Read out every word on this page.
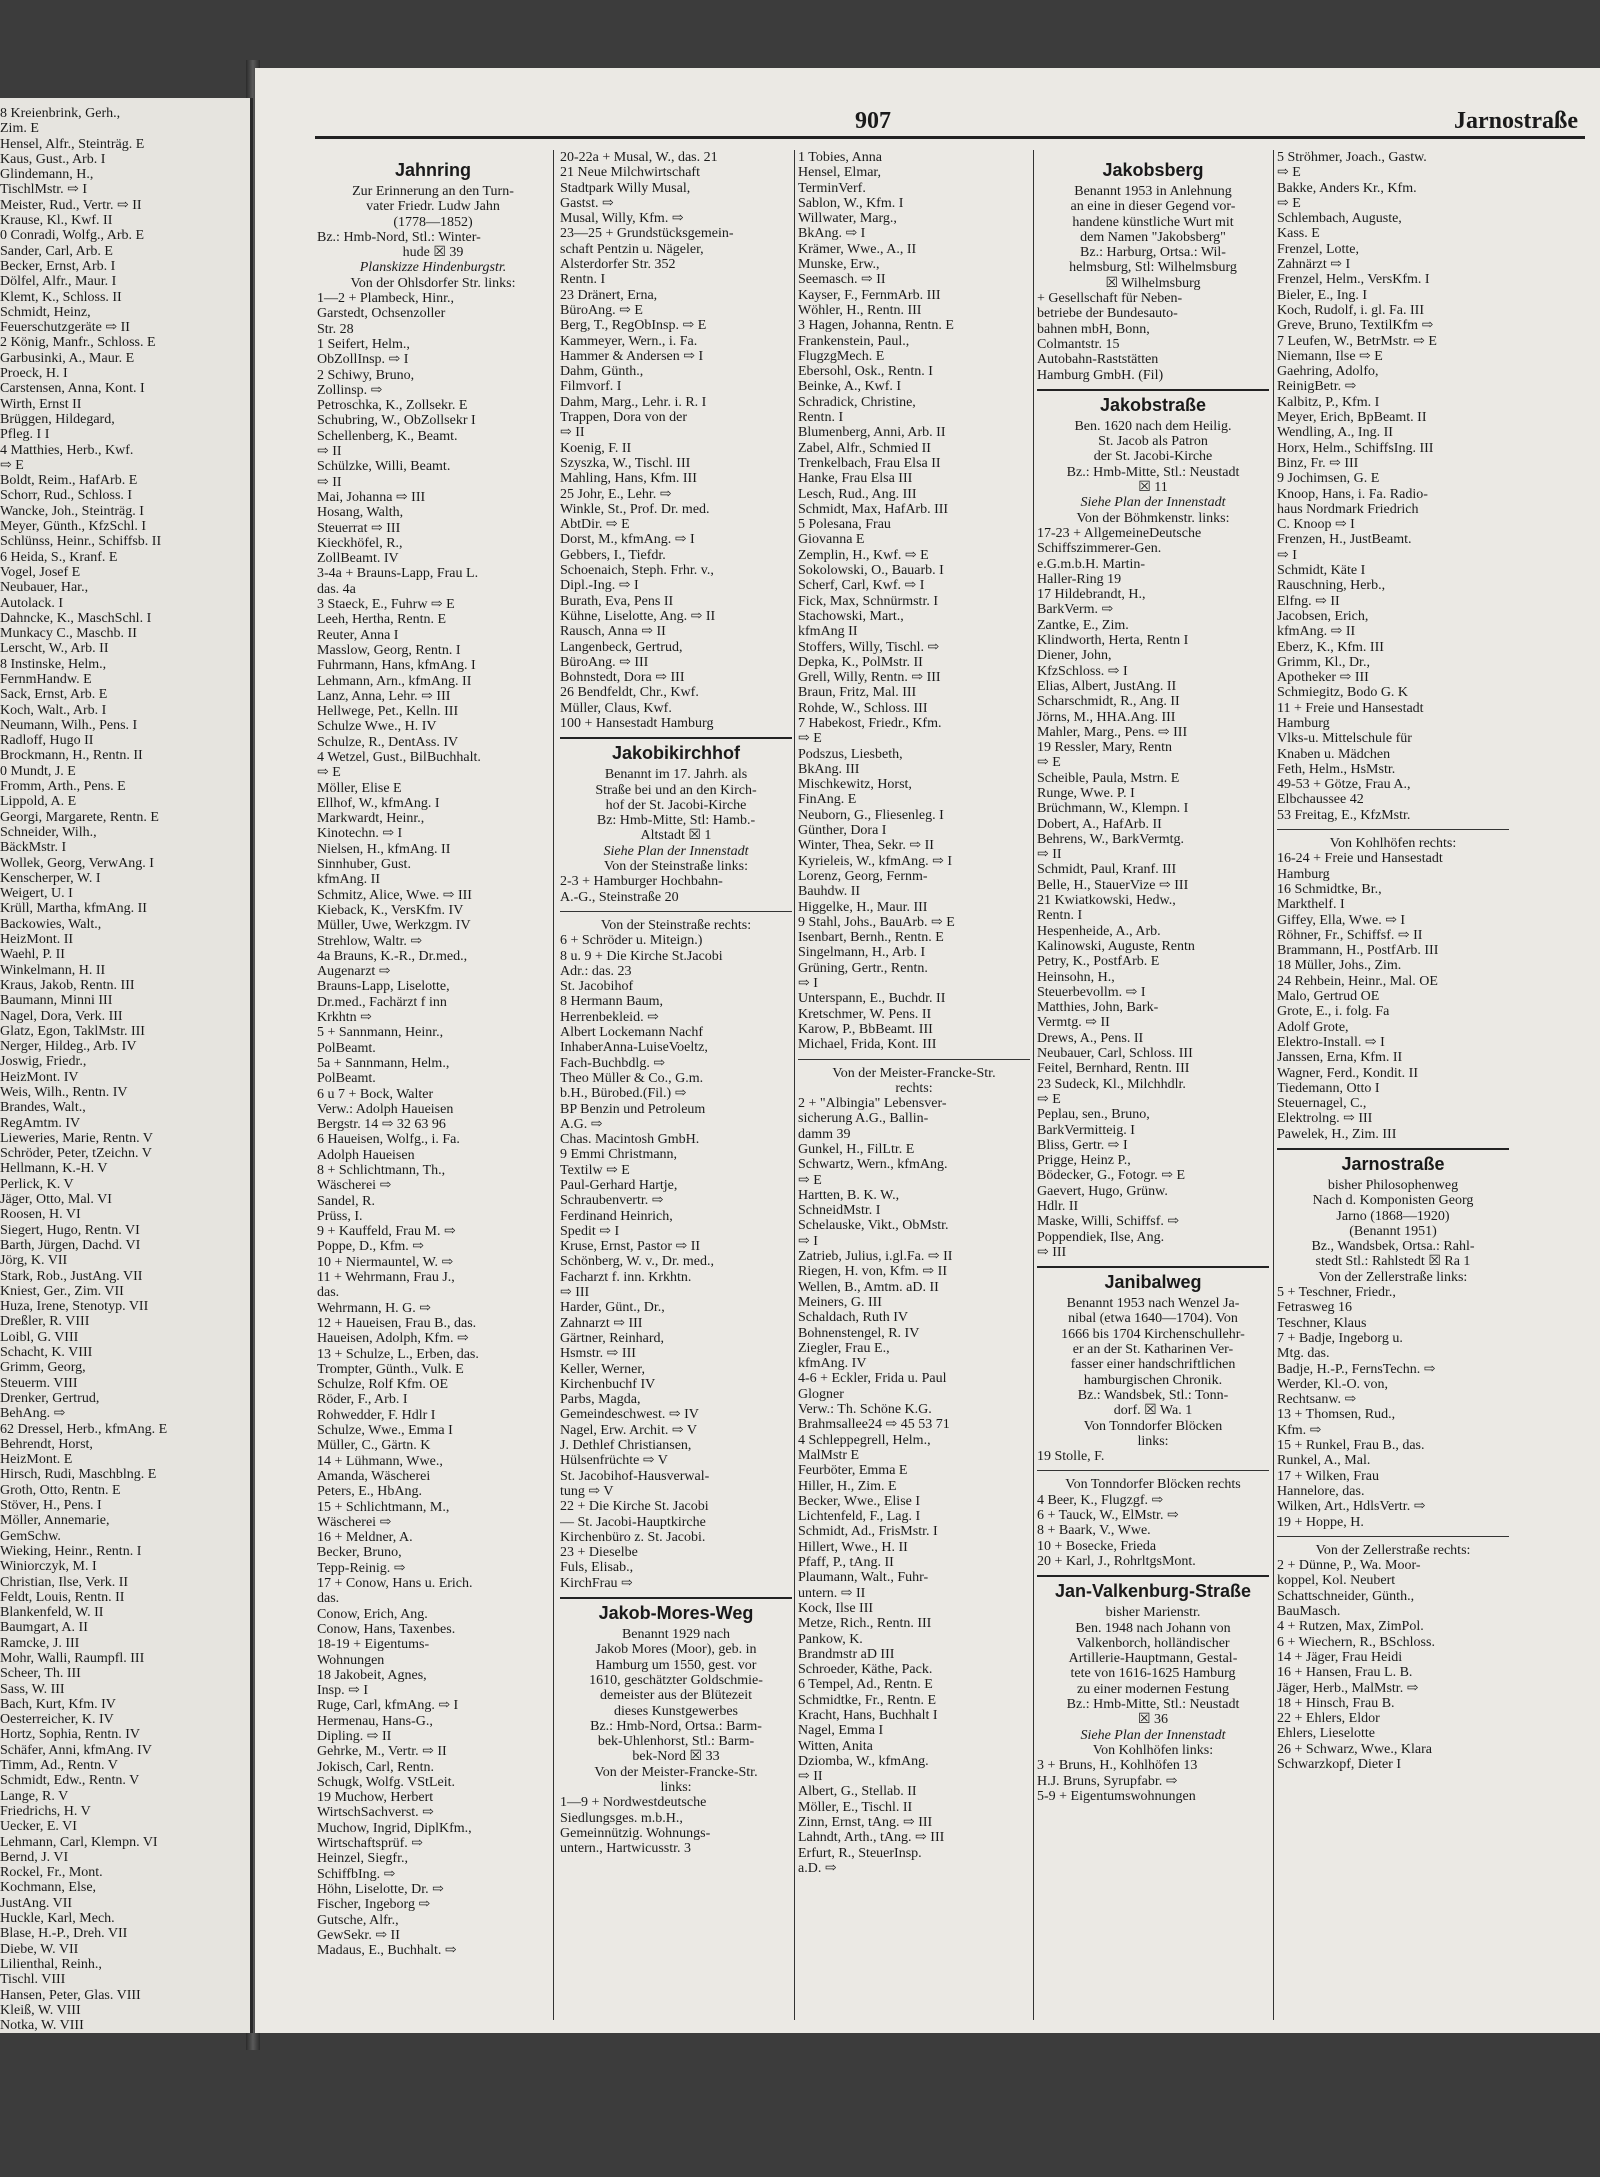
8 Kreienbrink, Gerh.,
Zim. E
Hensel, Alfr., Steinträg. E
Kaus, Gust., Arb. I
Glindemann, H.,
TischlMstr. ⇨ I
Meister, Rud., Vertr. ⇨ II
Krause, Kl., Kwf. II
0 Conradi, Wolfg., Arb. E
Sander, Carl, Arb. E
Becker, Ernst, Arb. I
Dölfel, Alfr., Maur. I
Klemt, K., Schloss. II
Schmidt, Heinz,
Feuerschutzgeräte ⇨ II
2 König, Manfr., Schloss. E
Garbusinki, A., Maur. E
Proeck, H. I
Carstensen, Anna, Kont. I
Wirth, Ernst II
Brüggen, Hildegard,
Pfleg. I I
4 Matthies, Herb., Kwf.
⇨ E
Boldt, Reim., HafArb. E
Schorr, Rud., Schloss. I
Wancke, Joh., Steinträg. I
Meyer, Günth., KfzSchl. I
Schlünss, Heinr., Schiffsb. II
6 Heida, S., Kranf. E
Vogel, Josef E
Neubauer, Har.,
Autolack. I
Dahncke, K., MaschSchl. I
Munkacy C., Maschb. II
Lerscht, W., Arb. II
8 Instinske, Helm.,
FernmHandw. E
Sack, Ernst, Arb. E
Koch, Walt., Arb. I
Neumann, Wilh., Pens. I
Radloff, Hugo II
Brockmann, H., Rentn. II
0 Mundt, J. E
Fromm, Arth., Pens. E
Lippold, A. E
Georgi, Margarete, Rentn. E
Schneider, Wilh.,
BäckMstr. I
Wollek, Georg, VerwAng. I
Kenscherper, W. I
Weigert, U. I
Krüll, Martha, kfmAng. II
Backowies, Walt.,
HeizMont. II
Waehl, P. II
Winkelmann, H. II
Kraus, Jakob, Rentn. III
Baumann, Minni III
Nagel, Dora, Verk. III
Glatz, Egon, TaklMstr. III
Nerger, Hildeg., Arb. IV
Joswig, Friedr.,
HeizMont. IV
Weis, Wilh., Rentn. IV
Brandes, Walt.,
RegAmtm. IV
Lieweries, Marie, Rentn. V
Schröder, Peter, tZeichn. V
Hellmann, K.-H. V
Perlick, K. V
Jäger, Otto, Mal. VI
Roosen, H. VI
Siegert, Hugo, Rentn. VI
Barth, Jürgen, Dachd. VI
Jörg, K. VII
Stark, Rob., JustAng. VII
Kniest, Ger., Zim. VII
Huza, Irene, Stenotyp. VII
Dreßler, R. VIII
Loibl, G. VIII
Schacht, K. VIII
Grimm, Georg,
Steuerm. VIII
Drenker, Gertrud,
BehAng. ⇨
62 Dressel, Herb., kfmAng. E
Behrendt, Horst,
HeizMont. E
Hirsch, Rudi, Maschblng. E
Groth, Otto, Rentn. E
Stöver, H., Pens. I
Möller, Annemarie,
GemSchw.
Wieking, Heinr., Rentn. I
Winiorczyk, M. I
Christian, Ilse, Verk. II
Feldt, Louis, Rentn. II
Blankenfeld, W. II
Baumgart, A. II
Ramcke, J. III
Mohr, Walli, Raumpfl. III
Scheer, Th. III
Sass, W. III
Bach, Kurt, Kfm. IV
Oesterreicher, K. IV
Hortz, Sophia, Rentn. IV
Schäfer, Anni, kfmAng. IV
Timm, Ad., Rentn. V
Schmidt, Edw., Rentn. V
Lange, R. V
Friedrichs, H. V
Uecker, E. VI
Lehmann, Carl, Klempn. VI
Bernd, J. VI
Rockel, Fr., Mont.
Kochmann, Else,
JustAng. VII
Huckle, Karl, Mech.
Blase, H.-P., Dreh. VII
Diebe, W. VII
Lilienthal, Reinh.,
Tischl. VIII
Hansen, Peter, Glas. VIII
Kleiß, W. VIII
Notka, W. VIII
907	Jarnostraße
Jahnring
Zur Erinnerung an den Turn-
vater Friedr. Ludw Jahn
(1778—1852)
Bz.: Hmb-Nord, Stl.: Winter-
hude ☒ 39
Planskizze Hindenburgstr.
Von der Ohlsdorfer Str. links:
1—2 + Plambeck, Hinr.,
Garstedt, Ochsenzoller
Str. 28
1 Seifert, Helm.,
ObZollInsp. ⇨ I
2 Schiwy, Bruno,
Zollinsp. ⇨
Petroschka, K., Zollsekr. E
Schubring, W., ObZollsekr I
Schellenberg, K., Beamt.
⇨ II
Schülzke, Willi, Beamt.
⇨ II
Mai, Johanna ⇨ III
Hosang, Walth,
Steuerrat ⇨ III
Kieckhöfel, R.,
ZollBeamt. IV
3-4a + Brauns-Lapp, Frau L.
das. 4a
3 Staeck, E., Fuhrw ⇨ E
Leeh, Hertha, Rentn. E
Reuter, Anna I
Masslow, Georg, Rentn. I
Fuhrmann, Hans, kfmAng. I
Lehmann, Arn., kfmAng. II
Lanz, Anna, Lehr. ⇨ III
Hellwege, Pet., Kelln. III
Schulze Wwe., H. IV
Schulze, R., DentAss. IV
4 Wetzel, Gust., BilBuchhalt.
⇨ E
Möller, Elise E
Ellhof, W., kfmAng. I
Markwardt, Heinr.,
Kinotechn. ⇨ I
Nielsen, H., kfmAng. II
Sinnhuber, Gust.
kfmAng. II
Schmitz, Alice, Wwe. ⇨ III
Kieback, K., VersKfm. IV
Müller, Uwe, Werkzgm. IV
Strehlow, Waltr. ⇨
4a Brauns, K.-R., Dr.med.,
Augenarzt ⇨
Brauns-Lapp, Liselotte,
Dr.med., Fachärzt f inn
Krkhtn ⇨
5 + Sannmann, Heinr.,
PolBeamt.
5a + Sannmann, Helm.,
PolBeamt.
6 u 7 + Bock, Walter
Verw.: Adolph Haueisen
Bergstr. 14 ⇨ 32 63 96
6 Haueisen, Wolfg., i. Fa.
Adolph Haueisen
8 + Schlichtmann, Th.,
Wäscherei ⇨
Sandel, R.
Prüss, I.
9 + Kauffeld, Frau M. ⇨
Poppe, D., Kfm. ⇨
10 + Niermauntel, W. ⇨
11 + Wehrmann, Frau J.,
das.
Wehrmann, H. G. ⇨
12 + Haueisen, Frau B., das.
Haueisen, Adolph, Kfm. ⇨
13 + Schulze, L., Erben, das.
Trompter, Günth., Vulk. E
Schulze, Rolf Kfm. OE
Röder, F., Arb. I
Rohwedder, F. Hdlr I
Schulze, Wwe., Emma I
Müller, C., Gärtn. K
14 + Lühmann, Wwe.,
Amanda, Wäscherei
Peters, E., HbAng.
15 + Schlichtmann, M.,
Wäscherei ⇨
16 + Meldner, A.
Becker, Bruno,
Tepp-Reinig. ⇨
17 + Conow, Hans u. Erich.
das.
Conow, Erich, Ang.
Conow, Hans, Taxenbes.
18-19 + Eigentums-
Wohnungen
18 Jakobeit, Agnes,
Insp. ⇨ I
Ruge, Carl, kfmAng. ⇨ I
Hermenau, Hans-G.,
Dipling. ⇨ II
Gehrke, M., Vertr. ⇨ II
Jokisch, Carl, Rentn.
Schugk, Wolfg. VStLeit.
19 Muchow, Herbert
WirtschSachverst. ⇨
Muchow, Ingrid, DiplKfm.,
Wirtschaftsprüf. ⇨
Heinzel, Siegfr.,
SchiffbIng. ⇨
Höhn, Liselotte, Dr. ⇨
Fischer, Ingeborg ⇨
Gutsche, Alfr.,
GewSekr. ⇨ II
Madaus, E., Buchhalt. ⇨
20-22a + Musal, W., das. 21
21 Neue Milchwirtschaft
Stadtpark Willy Musal,
Gastst. ⇨
Musal, Willy, Kfm. ⇨
23—25 + Grundstücksgemein-
schaft Pentzin u. Nägeler,
Alsterdorfer Str. 352
Rentn. I
23 Dränert, Erna,
BüroAng. ⇨ E
Berg, T., RegObInsp. ⇨ E
Kammeyer, Wern., i. Fa.
Hammer & Andersen ⇨ I
Dahm, Günth.,
Filmvorf. I
Dahm, Marg., Lehr. i. R. I
Trappen, Dora von der
⇨ II
Koenig, F. II
Szyszka, W., Tischl. III
Mahling, Hans, Kfm. III
25 Johr, E., Lehr. ⇨
Winkle, St., Prof. Dr. med.
AbtDir. ⇨ E
Dorst, M., kfmAng. ⇨ I
Gebbers, I., Tiefdr.
Schoenaich, Steph. Frhr. v.,
Dipl.-Ing. ⇨ I
Burath, Eva, Pens II
Kühne, Liselotte, Ang. ⇨ II
Rausch, Anna ⇨ II
Langenbeck, Gertrud,
BüroAng. ⇨ III
Bohnstedt, Dora ⇨ III
26 Bendfeldt, Chr., Kwf.
Müller, Claus, Kwf.
100 + Hansestadt Hamburg
Jakobikirchhof
Benannt im 17. Jahrh. als
Straße bei und an den Kirch-
hof der St. Jacobi-Kirche
Bz: Hmb-Mitte, Stl: Hamb.-
Altstadt ☒ 1
Siehe Plan der Innenstadt
Von der Steinstraße links:
2-3 + Hamburger Hochbahn-
A.-G., Steinstraße 20
Von der Steinstraße rechts:
6 + Schröder u. Miteign.)
8 u. 9 + Die Kirche St.Jacobi
Adr.: das. 23
St. Jacobihof
8 Hermann Baum,
Herrenbekleid. ⇨
Albert Lockemann Nachf
InhaberAnna-LuiseVoeltz,
Fach-Buchbdlg. ⇨
Theo Müller & Co., G.m.
b.H., Bürobed.(Fil.) ⇨
BP Benzin und Petroleum
A.G. ⇨
Chas. Macintosh GmbH.
9 Emmi Christmann,
Textilw ⇨ E
Paul-Gerhard Hartje,
Schraubenvertr. ⇨
Ferdinand Heinrich,
Spedit ⇨ I
Kruse, Ernst, Pastor ⇨ II
Schönberg, W. v., Dr. med.,
Facharzt f. inn. Krkhtn.
⇨ III
Harder, Günt., Dr.,
Zahnarzt ⇨ III
Gärtner, Reinhard,
Hsmstr. ⇨ III
Keller, Werner,
Kirchenbuchf IV
Parbs, Magda,
Gemeindeschwest. ⇨ IV
Nagel, Erw. Archit. ⇨ V
J. Dethlef Christiansen,
Hülsenfrüchte ⇨ V
St. Jacobihof-Hausverwal-
tung ⇨ V
22 + Die Kirche St. Jacobi
— St. Jacobi-Hauptkirche
Kirchenbüro z. St. Jacobi.
23 + Dieselbe
Fuls, Elisab.,
KirchFrau ⇨
Jakob-Mores-Weg
Benannt 1929 nach
Jakob Mores (Moor), geb. in
Hamburg um 1550, gest. vor
1610, geschätzter Goldschmie-
demeister aus der Blütezeit
dieses Kunstgewerbes
Bz.: Hmb-Nord, Ortsa.: Barm-
bek-Uhlenhorst, Stl.: Barm-
bek-Nord ☒ 33
Von der Meister-Francke-Str.
links:
1—9 + Nordwestdeutsche
Siedlungsges. m.b.H.,
Gemeinnützig. Wohnungs-
untern., Hartwicusstr. 3
1 Tobies, Anna
Hensel, Elmar,
TerminVerf.
Sablon, W., Kfm. I
Willwater, Marg.,
BkAng. ⇨ I
Krämer, Wwe., A., II
Munske, Erw.,
Seemasch. ⇨ II
Kayser, F., FernmArb. III
Wöhler, H., Rentn. III
3 Hagen, Johanna, Rentn. E
Frankenstein, Paul.,
FlugzgMech. E
Ebersohl, Osk., Rentn. I
Beinke, A., Kwf. I
Schradick, Christine,
Rentn. I
Blumenberg, Anni, Arb. II
Zabel, Alfr., Schmied II
Trenkelbach, Frau Elsa II
Hanke, Frau Elsa III
Lesch, Rud., Ang. III
Schmidt, Max, HafArb. III
5 Polesana, Frau
Giovanna E
Zemplin, H., Kwf. ⇨ E
Sokolowski, O., Bauarb. I
Scherf, Carl, Kwf. ⇨ I
Fick, Max, Schnürmstr. I
Stachowski, Mart.,
kfmAng II
Stoffers, Willy, Tischl. ⇨
Depka, K., PolMstr. II
Grell, Willy, Rentn. ⇨ III
Braun, Fritz, Mal. III
Rohde, W., Schloss. III
7 Habekost, Friedr., Kfm.
⇨ E
Podszus, Liesbeth,
BkAng. III
Mischkewitz, Horst,
FinAng. E
Neuborn, G., Fliesenleg. I
Günther, Dora I
Winter, Thea, Sekr. ⇨ II
Kyrieleis, W., kfmAng. ⇨ I
Lorenz, Georg, Fernm-
Bauhdw. II
Higgelke, H., Maur. III
9 Stahl, Johs., BauArb. ⇨ E
Isenbart, Bernh., Rentn. E
Singelmann, H., Arb. I
Grüning, Gertr., Rentn.
⇨ I
Unterspann, E., Buchdr. II
Kretschmer, W. Pens. II
Karow, P., BbBeamt. III
Michael, Frida, Kont. III
Von der Meister-Francke-Str.
rechts:
2 + "Albingia" Lebensver-
sicherung A.G., Ballin-
damm 39
Gunkel, H., FilLtr. E
Schwartz, Wern., kfmAng.
⇨ E
Hartten, B. K. W.,
SchneidMstr. I
Schelauske, Vikt., ObMstr.
⇨ I
Zatrieb, Julius, i.gl.Fa. ⇨ II
Riegen, H. von, Kfm. ⇨ II
Wellen, B., Amtm. aD. II
Meiners, G. III
Schaldach, Ruth IV
Bohnenstengel, R. IV
Ziegler, Frau E.,
kfmAng. IV
4-6 + Eckler, Frida u. Paul
Glogner
Verw.: Th. Schöne K.G.
Brahmsallee24 ⇨ 45 53 71
4 Schleppegrell, Helm.,
MalMstr E
Feurböter, Emma E
Hiller, H., Zim. E
Becker, Wwe., Elise I
Lichtenfeld, F., Lag. I
Schmidt, Ad., FrisMstr. I
Hillert, Wwe., H. II
Pfaff, P., tAng. II
Plaumann, Walt., Fuhr-
untern. ⇨ II
Kock, Ilse III
Metze, Rich., Rentn. III
Pankow, K.
Brandmstr aD III
Schroeder, Käthe, Pack.
6 Tempel, Ad., Rentn. E
Schmidtke, Fr., Rentn. E
Kracht, Hans, Buchhalt I
Nagel, Emma I
Witten, Anita
Dziomba, W., kfmAng.
⇨ II
Albert, G., Stellab. II
Möller, E., Tischl. II
Zinn, Ernst, tAng. ⇨ III
Lahndt, Arth., tAng. ⇨ III
Erfurt, R., SteuerInsp.
a.D. ⇨
Jakobsberg
Benannt 1953 in Anlehnung
an eine in dieser Gegend vor-
handene künstliche Wurt mit
dem Namen "Jakobsberg"
Bz.: Harburg, Ortsa.: Wil-
helmsburg, Stl: Wilhelmsburg
☒ Wilhelmsburg
+ Gesellschaft für Neben-
betriebe der Bundesauto-
bahnen mbH, Bonn,
Colmantstr. 15
Autobahn-Raststätten
Hamburg GmbH. (Fil)
Jakobstraße
Ben. 1620 nach dem Heilig.
St. Jacob als Patron
der St. Jacobi-Kirche
Bz.: Hmb-Mitte, Stl.: Neustadt
☒ 11
Siehe Plan der Innenstadt
Von der Böhmkenstr. links:
17-23 + AllgemeineDeutsche
Schiffszimmerer-Gen.
e.G.m.b.H. Martin-
Haller-Ring 19
17 Hildebrandt, H.,
BarkVerm. ⇨
Zantke, E., Zim.
Klindworth, Herta, Rentn I
Diener, John,
KfzSchloss. ⇨ I
Elias, Albert, JustAng. II
Scharschmidt, R., Ang. II
Jörns, M., HHA.Ang. III
Mahler, Marg., Pens. ⇨ III
19 Ressler, Mary, Rentn
⇨ E
Scheible, Paula, Mstrn. E
Runge, Wwe. P. I
Brüchmann, W., Klempn. I
Dobert, A., HafArb. II
Behrens, W., BarkVermtg.
⇨ II
Schmidt, Paul, Kranf. III
Belle, H., StauerVize ⇨ III
21 Kwiatkowski, Hedw.,
Rentn. I
Hespenheide, A., Arb.
Kalinowski, Auguste, Rentn
Petry, K., PostfArb. E
Heinsohn, H.,
Steuerbevollm. ⇨ I
Matthies, John, Bark-
Vermtg. ⇨ II
Drews, A., Pens. II
Neubauer, Carl, Schloss. III
Feitel, Bernhard, Rentn. III
23 Sudeck, Kl., Milchhdlr.
⇨ E
Peplau, sen., Bruno,
BarkVermitteig. I
Bliss, Gertr. ⇨ I
Prigge, Heinz P.,
Bödecker, G., Fotogr. ⇨ E
Gaevert, Hugo, Grünw.
Hdlr. II
Maske, Willi, Schiffsf. ⇨
Poppendiek, Ilse, Ang.
⇨ III
Janibalweg
Benannt 1953 nach Wenzel Ja-
nibal (etwa 1640—1704). Von
1666 bis 1704 Kirchenschullehr-
er an der St. Katharinen Ver-
fasser einer handschriftlichen
hamburgischen Chronik.
Bz.: Wandsbek, Stl.: Tonn-
dorf. ☒ Wa. 1
Von Tonndorfer Blöcken
links:
19 Stolle, F.
Von Tonndorfer Blöcken rechts
4 Beer, K., Flugzgf. ⇨
6 + Tauck, W., ElMstr. ⇨
8 + Baark, V., Wwe.
10 + Bosecke, Frieda
20 + Karl, J., RohrltgsMont.
Jan-Valkenburg-Straße
bisher Marienstr.
Ben. 1948 nach Johann von
Valkenborch, holländischer
Artillerie-Hauptmann, Gestal-
tete von 1616-1625 Hamburg
zu einer modernen Festung
Bz.: Hmb-Mitte, Stl.: Neustadt
☒ 36
Siehe Plan der Innenstadt
Von Kohlhöfen links:
3 + Bruns, H., Kohlhöfen 13
H.J. Bruns, Syrupfabr. ⇨
5-9 + Eigentumswohnungen
5 Ströhmer, Joach., Gastw.
⇨ E
Bakke, Anders Kr., Kfm.
⇨ E
Schlembach, Auguste,
Kass. E
Frenzel, Lotte,
Zahnärzt ⇨ I
Frenzel, Helm., VersKfm. I
Bieler, E., Ing. I
Koch, Rudolf, i. gl. Fa. III
Greve, Bruno, TextilKfm ⇨
7 Leufen, W., BetrMstr. ⇨ E
Niemann, Ilse ⇨ E
Gaehring, Adolfo,
ReinigBetr. ⇨
Kalbitz, P., Kfm. I
Meyer, Erich, BpBeamt. II
Wendling, A., Ing. II
Horx, Helm., SchiffsIng. III
Binz, Fr. ⇨ III
9 Jochimsen, G. E
Knoop, Hans, i. Fa. Radio-
haus Nordmark Friedrich
C. Knoop ⇨ I
Frenzen, H., JustBeamt.
⇨ I
Schmidt, Käte I
Rauschning, Herb.,
Elfng. ⇨ II
Jacobsen, Erich,
kfmAng. ⇨ II
Eberz, K., Kfm. III
Grimm, Kl., Dr.,
Apotheker ⇨ III
Schmiegitz, Bodo G. K
11 + Freie und Hansestadt
Hamburg
Vlks-u. Mittelschule für
Knaben u. Mädchen
Feth, Helm., HsMstr.
49-53 + Götze, Frau A.,
Elbchaussee 42
53 Freitag, E., KfzMstr.
Von Kohlhöfen rechts:
16-24 + Freie und Hansestadt
Hamburg
16 Schmidtke, Br.,
Markthelf. I
Giffey, Ella, Wwe. ⇨ I
Röhner, Fr., Schiffsf. ⇨ II
Brammann, H., PostfArb. III
18 Müller, Johs., Zim.
24 Rehbein, Heinr., Mal. OE
Malo, Gertrud OE
Grote, E., i. folg. Fa
Adolf Grote,
Elektro-Install. ⇨ I
Janssen, Erna, Kfm. II
Wagner, Ferd., Kondit. II
Tiedemann, Otto I
Steuernagel, C.,
Elektrolng. ⇨ III
Pawelek, H., Zim. III
Jarnostraße
bisher Philosophenweg
Nach d. Komponisten Georg
Jarno (1868—1920)
(Benannt 1951)
Bz., Wandsbek, Ortsa.: Rahl-
stedt Stl.: Rahlstedt ☒ Ra 1
Von der Zellerstraße links:
5 + Teschner, Friedr.,
Fetrasweg 16
Teschner, Klaus
7 + Badje, Ingeborg u.
Mtg. das.
Badje, H.-P., FernsTechn. ⇨
Werder, Kl.-O. von,
Rechtsanw. ⇨
13 + Thomsen, Rud.,
Kfm. ⇨
15 + Runkel, Frau B., das.
Runkel, A., Mal.
17 + Wilken, Frau
Hannelore, das.
Wilken, Art., HdlsVertr. ⇨
19 + Hoppe, H.
Von der Zellerstraße rechts:
2 + Dünne, P., Wa. Moor-
koppel, Kol. Neubert
Schattschneider, Günth.,
BauMasch.
4 + Rutzen, Max, ZimPol.
6 + Wiechern, R., BSchloss.
14 + Jäger, Frau Heidi
16 + Hansen, Frau L. B.
Jäger, Herb., MalMstr. ⇨
18 + Hinsch, Frau B.
22 + Ehlers, Eldor
Ehlers, Lieselotte
26 + Schwarz, Wwe., Klara
Schwarzkopf, Dieter I
